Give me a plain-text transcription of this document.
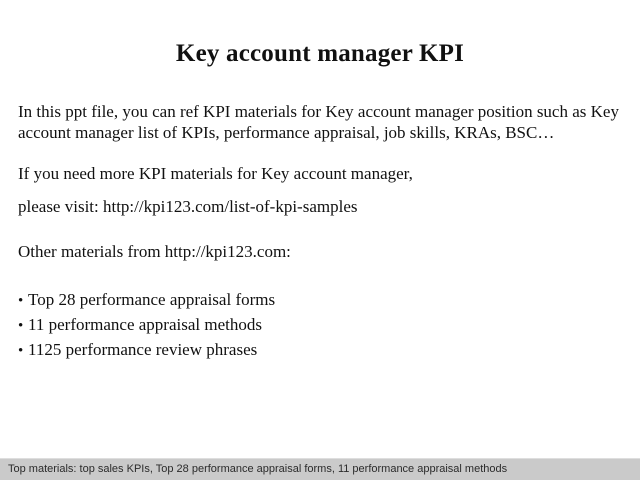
Key account manager KPI

In this ppt file, you can ref KPI materials for Key account manager position such as Key account manager list of KPIs, performance appraisal, job skills, KRAs, BSC…

If you need more KPI materials for Key account manager,

please visit: http://kpi123.com/list-of-kpi-samples

Other materials from http://kpi123.com:

• Top 28 performance appraisal forms
• 11 performance appraisal methods
• 1125 performance review phrases
Top materials: top sales KPIs, Top 28 performance appraisal forms, 11 performance appraisal methods
